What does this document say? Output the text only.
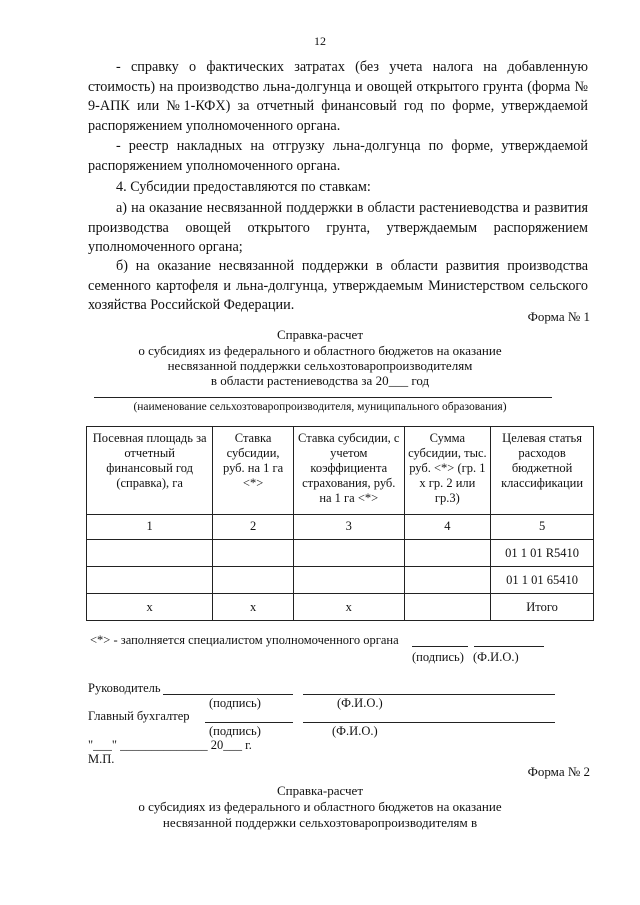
12
- справку о фактических затратах (без учета налога на добавленную стоимость) на производство льна-долгунца и овощей открытого грунта (форма № 9-АПК или №1-КФХ) за отчетный финансовый год по форме, утверждаемой распоряжением уполномоченного органа.
- реестр накладных на отгрузку льна-долгунца по форме, утверждаемой распоряжением уполномоченного органа.
4. Субсидии предоставляются по ставкам:
а) на оказание несвязанной поддержки в области растениеводства и развития производства овощей открытого грунта, утверждаемым распоряжением уполномоченного органа;
б) на оказание несвязанной поддержки в области развития производства семенного картофеля и льна-долгунца, утверждаемым Министерством сельского хозяйства Российской Федерации.
Форма № 1
Справка-расчет
о субсидиях из федерального и областного бюджетов на оказание
несвязанной поддержки сельхозтоваропроизводителям
в области растениеводства за 20___ год
(наименование сельхозтоваропроизводителя, муниципального образования)
Посевная площадь за отчетный финансовый год (справка), га	Ставка субсидии, руб. на 1 га <*>	Ставка субсидии, с учетом коэффициента страхования, руб. на 1 га <*>	Сумма субсидии, тыс. руб. <*> (гр. 1 х гр. 2 или гр.3)	Целевая статья расходов бюджетной классификации
1	2	3	4	5
				01 1 01 R5410
				01 1 01 65410
х	х	х		Итого
<*> - заполняется специалистом уполномоченного органа
(подпись) (Ф.И.О.)
Руководитель
(подпись)	(Ф.И.О.)
Главный бухгалтер
(подпись)	(Ф.И.О.)
"___" ______________ 20___ г.
М.П.
Форма № 2
Справка-расчет
о субсидиях из федерального и областного бюджетов на оказание
несвязанной поддержки сельхозтоваропроизводителям в
